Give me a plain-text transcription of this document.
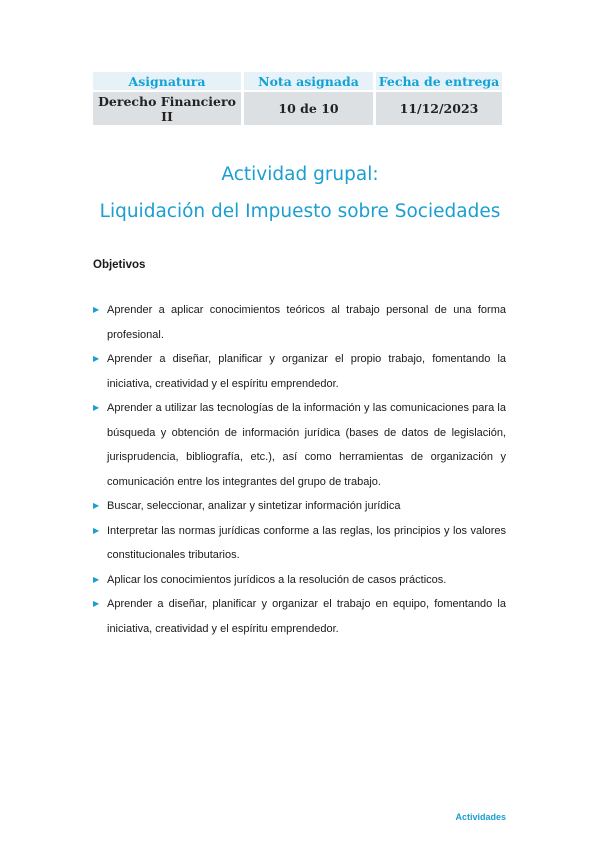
Asignatura	Nota asignada	Fecha de entrega
Derecho Financiero II	10 de 10	11/12/2023
Actividad grupal:
Liquidación del Impuesto sobre Sociedades
Objetivos
▶ Aprender a aplicar conocimientos teóricos al trabajo personal de una forma profesional.
▶ Aprender a diseñar, planificar y organizar el propio trabajo, fomentando la iniciativa, creatividad y el espíritu emprendedor.
▶ Aprender a utilizar las tecnologías de la información y las comunicaciones para la búsqueda y obtención de información jurídica (bases de datos de legislación, jurisprudencia, bibliografía, etc.), así como herramientas de organización y comunicación entre los integrantes del grupo de trabajo.
▶ Buscar, seleccionar, analizar y sintetizar información jurídica
▶ Interpretar las normas jurídicas conforme a las reglas, los principios y los valores constitucionales tributarios.
▶ Aplicar los conocimientos jurídicos a la resolución de casos prácticos.
▶ Aprender a diseñar, planificar y organizar el trabajo en equipo, fomentando la iniciativa, creatividad y el espíritu emprendedor.
Actividades
